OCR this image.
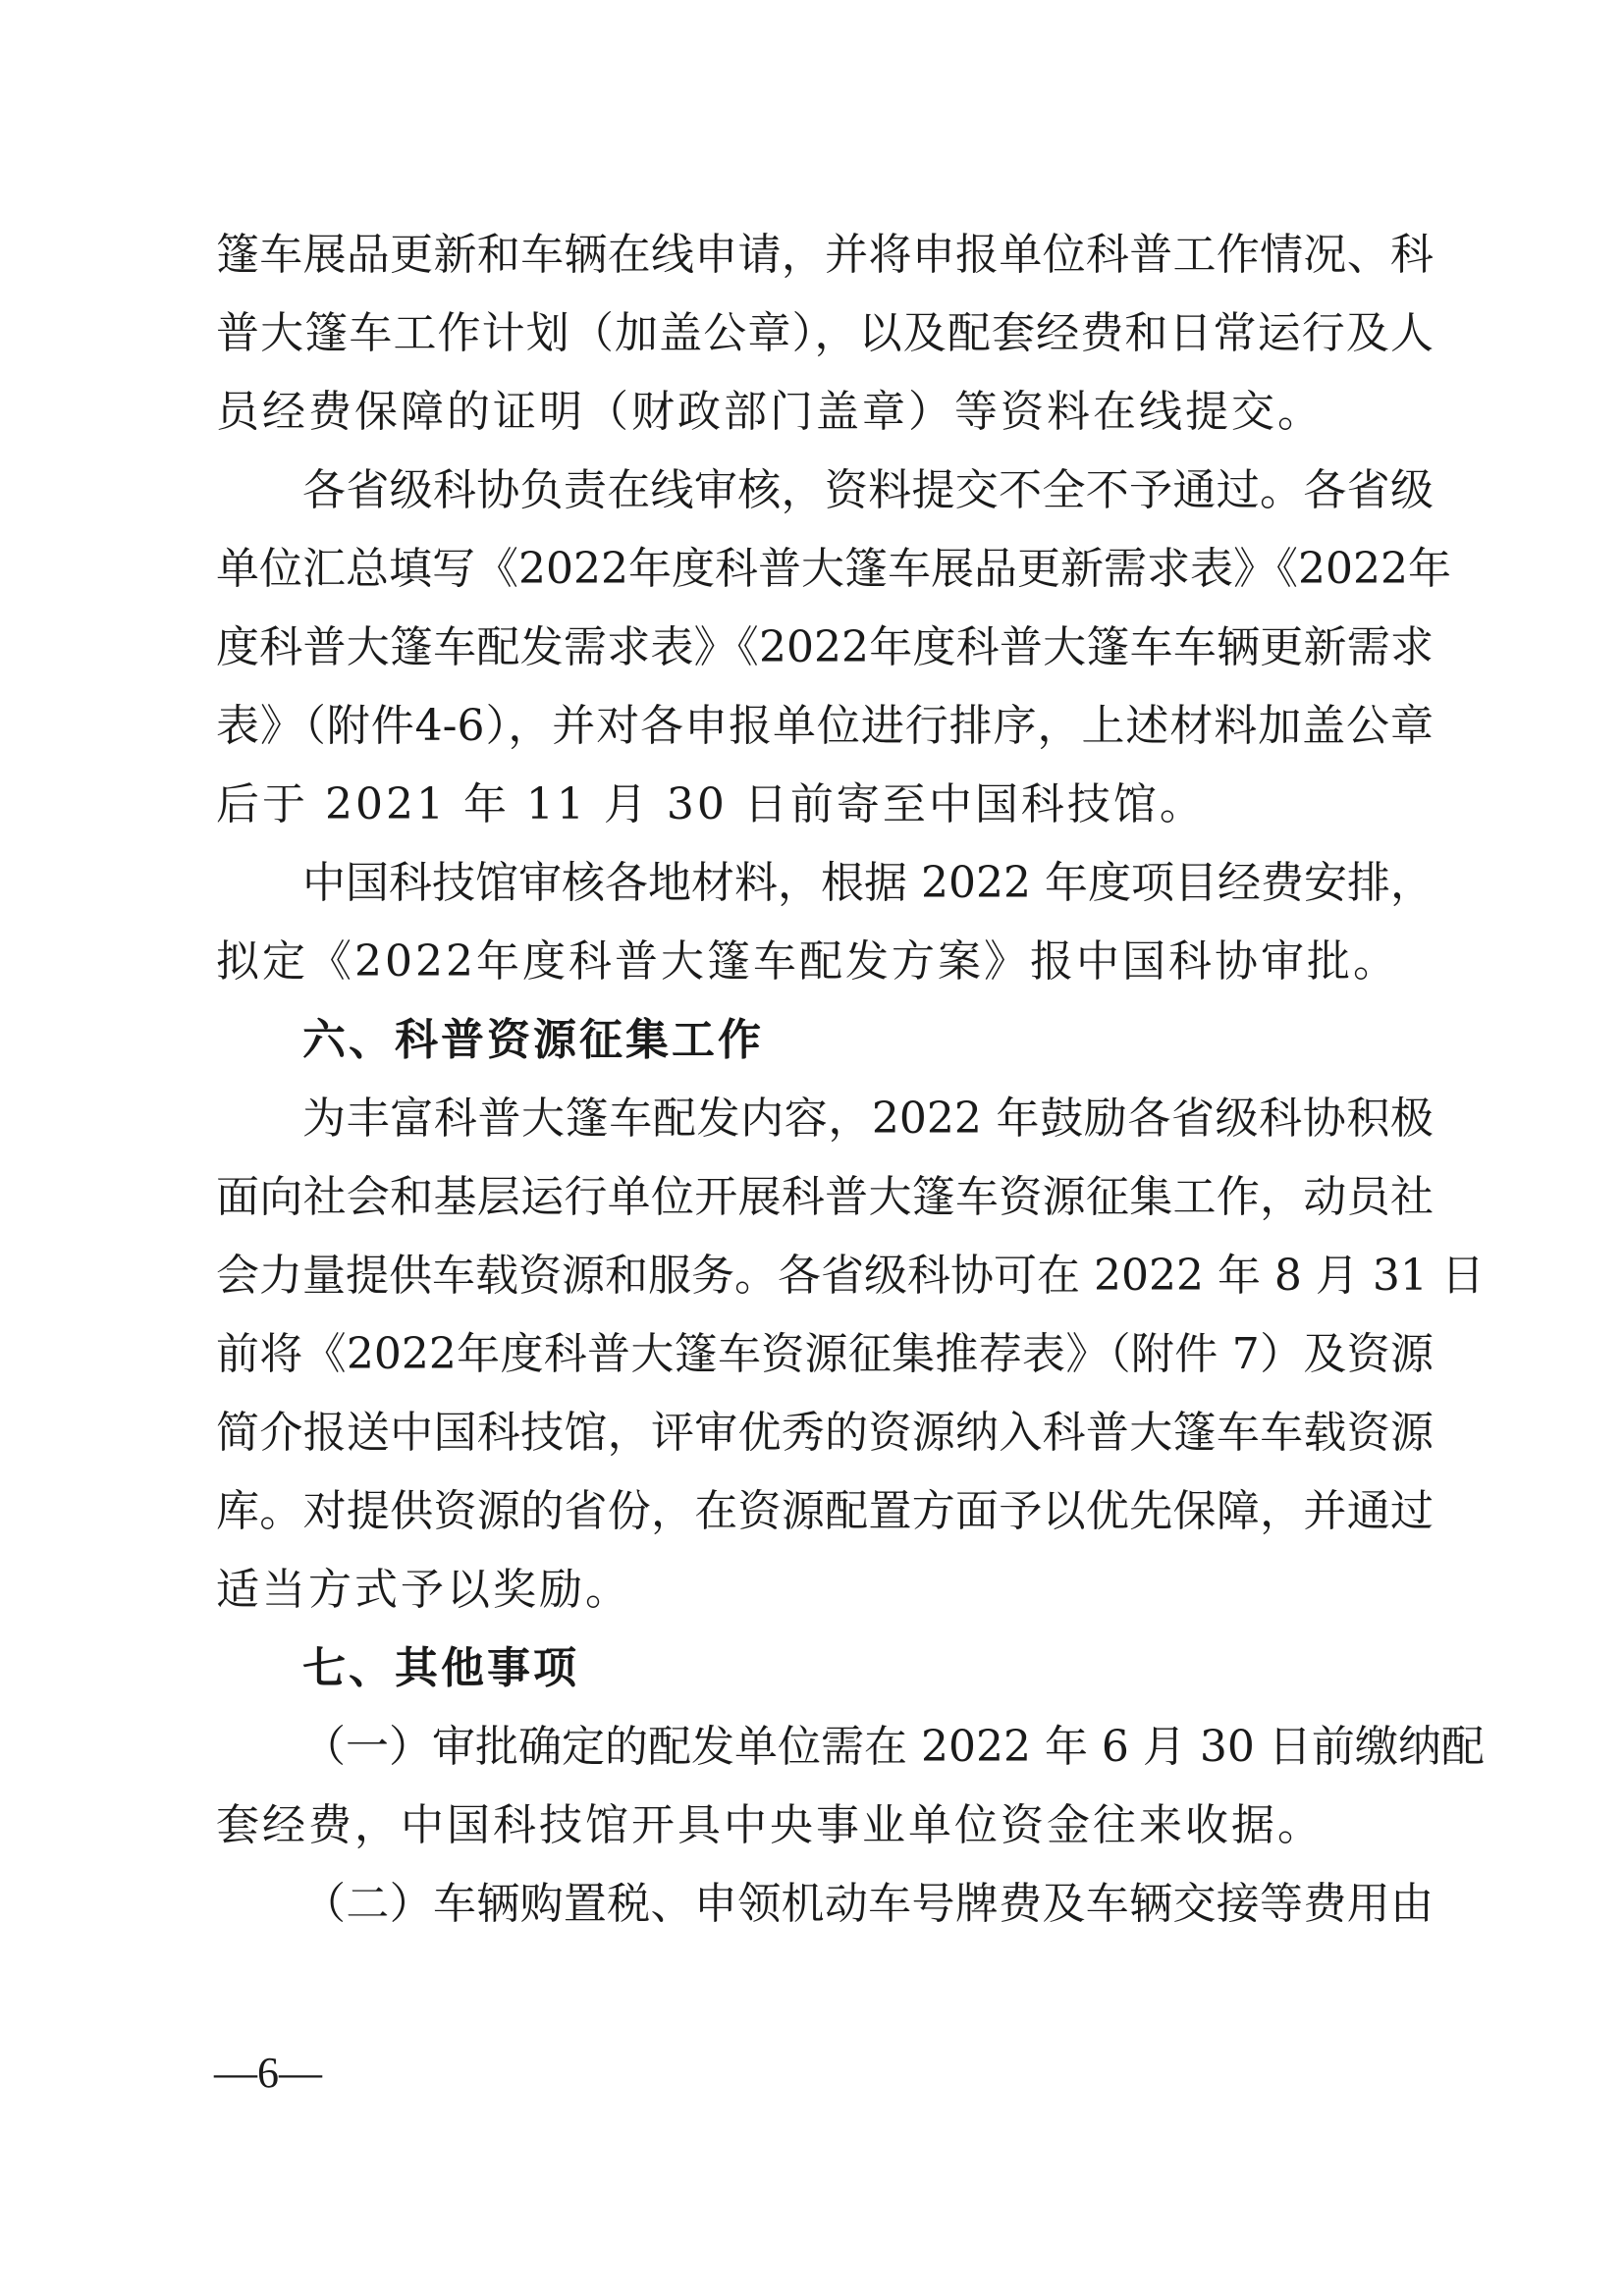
篷车展品更新和车辆在线申请，并将申报单位科普工作情况、科
普大篷车工作计划（加盖公章），以及配套经费和日常运行及人
员经费保障的证明（财政部门盖章）等资料在线提交。
各省级科协负责在线审核，资料提交不全不予通过。各省级
单位汇总填写《2022年度科普大篷车展品更新需求表》《2022年
度科普大篷车配发需求表》《2022年度科普大篷车车辆更新需求
表》（附件4-6），并对各申报单位进行排序，上述材料加盖公章
后于 2021 年 11 月 30 日前寄至中国科技馆。
中国科技馆审核各地材料，根据 2022 年度项目经费安排，
拟定《2022年度科普大篷车配发方案》报中国科协审批。
六、科普资源征集工作
为丰富科普大篷车配发内容，2022 年鼓励各省级科协积极
面向社会和基层运行单位开展科普大篷车资源征集工作，动员社
会力量提供车载资源和服务。各省级科协可在 2022 年 8 月 31 日
前将《2022年度科普大篷车资源征集推荐表》（附件 7）及资源
简介报送中国科技馆，评审优秀的资源纳入科普大篷车车载资源
库。对提供资源的省份，在资源配置方面予以优先保障，并通过
适当方式予以奖励。
七、其他事项
（一）审批确定的配发单位需在 2022 年 6 月 30 日前缴纳配
套经费，中国科技馆开具中央事业单位资金往来收据。
（二）车辆购置税、申领机动车号牌费及车辆交接等费用由
—6—
